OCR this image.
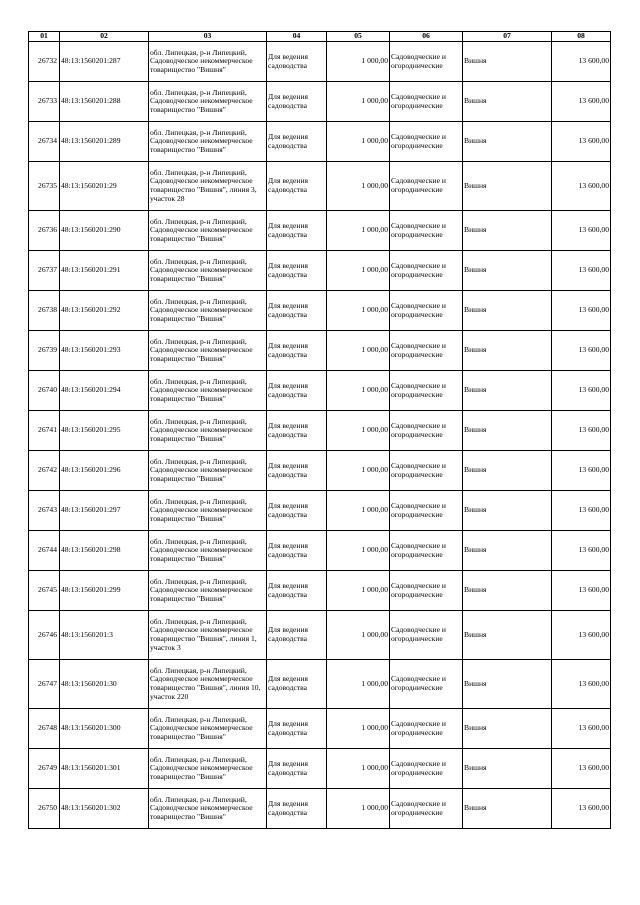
01	02	03	04	05	06	07	08
26732	48:13:1560201:287	обл. Липецкая, р-н Липецкий, Садоводческое некоммерческое товарищество "Вишня"	Для ведения садоводства	1 000,00	Садоводческие и огороднические	Вишня	13 600,00
26733	48:13:1560201:288	обл. Липецкая, р-н Липецкий, Садоводческое некоммерческое товарищество "Вишня"	Для ведения садоводства	1 000,00	Садоводческие и огороднические	Вишня	13 600,00
26734	48:13:1560201:289	обл. Липецкая, р-н Липецкий, Садоводческое некоммерческое товарищество "Вишня"	Для ведения садоводства	1 000,00	Садоводческие и огороднические	Вишня	13 600,00
26735	48:13:1560201:29	обл. Липецкая, р-н Липецкий, Садоводческое некоммерческое товарищество "Вишня", линия 3, участок 28	Для ведения садоводства	1 000,00	Садоводческие и огороднические	Вишня	13 600,00
26736	48:13:1560201:290	обл. Липецкая, р-н Липецкий, Садоводческое некоммерческое товарищество "Вишня"	Для ведения садоводства	1 000,00	Садоводческие и огороднические	Вишня	13 600,00
26737	48:13:1560201:291	обл. Липецкая, р-н Липецкий, Садоводческое некоммерческое товарищество "Вишня"	Для ведения садоводства	1 000,00	Садоводческие и огороднические	Вишня	13 600,00
26738	48:13:1560201:292	обл. Липецкая, р-н Липецкий, Садоводческое некоммерческое товарищество "Вишня"	Для ведения садоводства	1 000,00	Садоводческие и огороднические	Вишня	13 600,00
26739	48:13:1560201:293	обл. Липецкая, р-н Липецкий, Садоводческое некоммерческое товарищество "Вишня"	Для ведения садоводства	1 000,00	Садоводческие и огороднические	Вишня	13 600,00
26740	48:13:1560201:294	обл. Липецкая, р-н Липецкий, Садоводческое некоммерческое товарищество "Вишня"	Для ведения садоводства	1 000,00	Садоводческие и огороднические	Вишня	13 600,00
26741	48:13:1560201:295	обл. Липецкая, р-н Липецкий, Садоводческое некоммерческое товарищество "Вишня"	Для ведения садоводства	1 000,00	Садоводческие и огороднические	Вишня	13 600,00
26742	48:13:1560201:296	обл. Липецкая, р-н Липецкий, Садоводческое некоммерческое товарищество "Вишня"	Для ведения садоводства	1 000,00	Садоводческие и огороднические	Вишня	13 600,00
26743	48:13:1560201:297	обл. Липецкая, р-н Липецкий, Садоводческое некоммерческое товарищество "Вишня"	Для ведения садоводства	1 000,00	Садоводческие и огороднические	Вишня	13 600,00
26744	48:13:1560201:298	обл. Липецкая, р-н Липецкий, Садоводческое некоммерческое товарищество "Вишня"	Для ведения садоводства	1 000,00	Садоводческие и огороднические	Вишня	13 600,00
26745	48:13:1560201:299	обл. Липецкая, р-н Липецкий, Садоводческое некоммерческое товарищество "Вишня"	Для ведения садоводства	1 000,00	Садоводческие и огороднические	Вишня	13 600,00
26746	48:13:1560201:3	обл. Липецкая, р-н Липецкий, Садоводческое некоммерческое товарищество "Вишня", линия 1, участок 3	Для ведения садоводства	1 000,00	Садоводческие и огороднические	Вишня	13 600,00
26747	48:13:1560201:30	обл. Липецкая, р-н Липецкий, Садоводческое некоммерческое товарищество "Вишня", линия 10, участок 220	Для ведения садоводства	1 000,00	Садоводческие и огороднические	Вишня	13 600,00
26748	48:13:1560201:300	обл. Липецкая, р-н Липецкий, Садоводческое некоммерческое товарищество "Вишня"	Для ведения садоводства	1 000,00	Садоводческие и огороднические	Вишня	13 600,00
26749	48:13:1560201:301	обл. Липецкая, р-н Липецкий, Садоводческое некоммерческое товарищество "Вишня"	Для ведения садоводства	1 000,00	Садоводческие и огороднические	Вишня	13 600,00
26750	48:13:1560201:302	обл. Липецкая, р-н Липецкий, Садоводческое некоммерческое товарищество "Вишня"	Для ведения садоводства	1 000,00	Садоводческие и огороднические	Вишня	13 600,00
